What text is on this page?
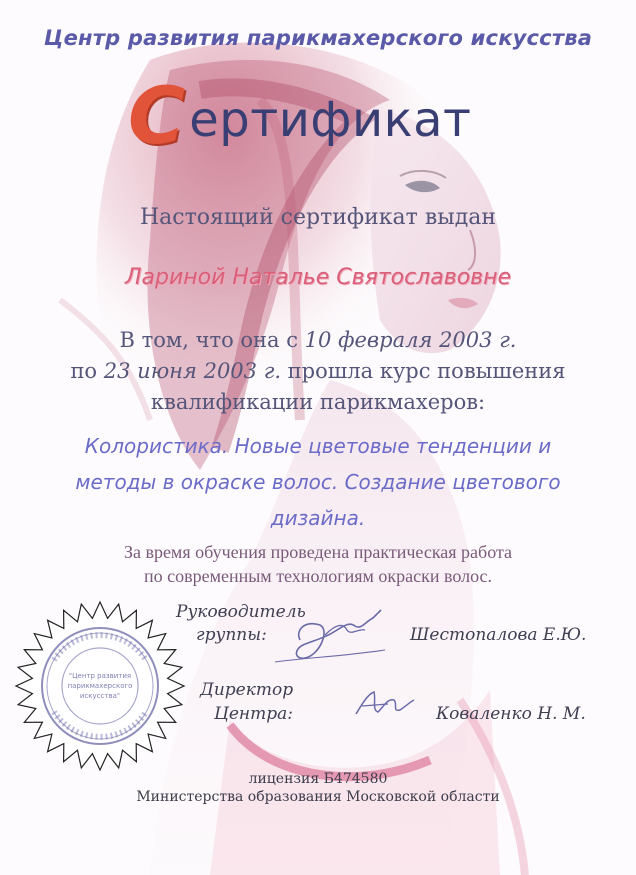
Центр развития парикмахерского искусства
С ертификат
Настоящий сертификат выдан
Лариной Наталье Святославовне
В том, что она с 10 февраля 2003 г.
по 23 июня 2003 г. прошла курс повышения
квалификации парикмахеров:
Колористика. Новые цветовые тенденции и
методы в окраске волос. Создание цветового
дизайна.
За время обучения проведена практическая работа
по современным технологиям окраски волос.
"Центр развития
парикмахерского
искусства"
Руководитель
группы:	Шестопалова Е.Ю.
Директор
Центра:	Коваленко Н. М.
лицензия Б474580
Министерства образования Московской области
